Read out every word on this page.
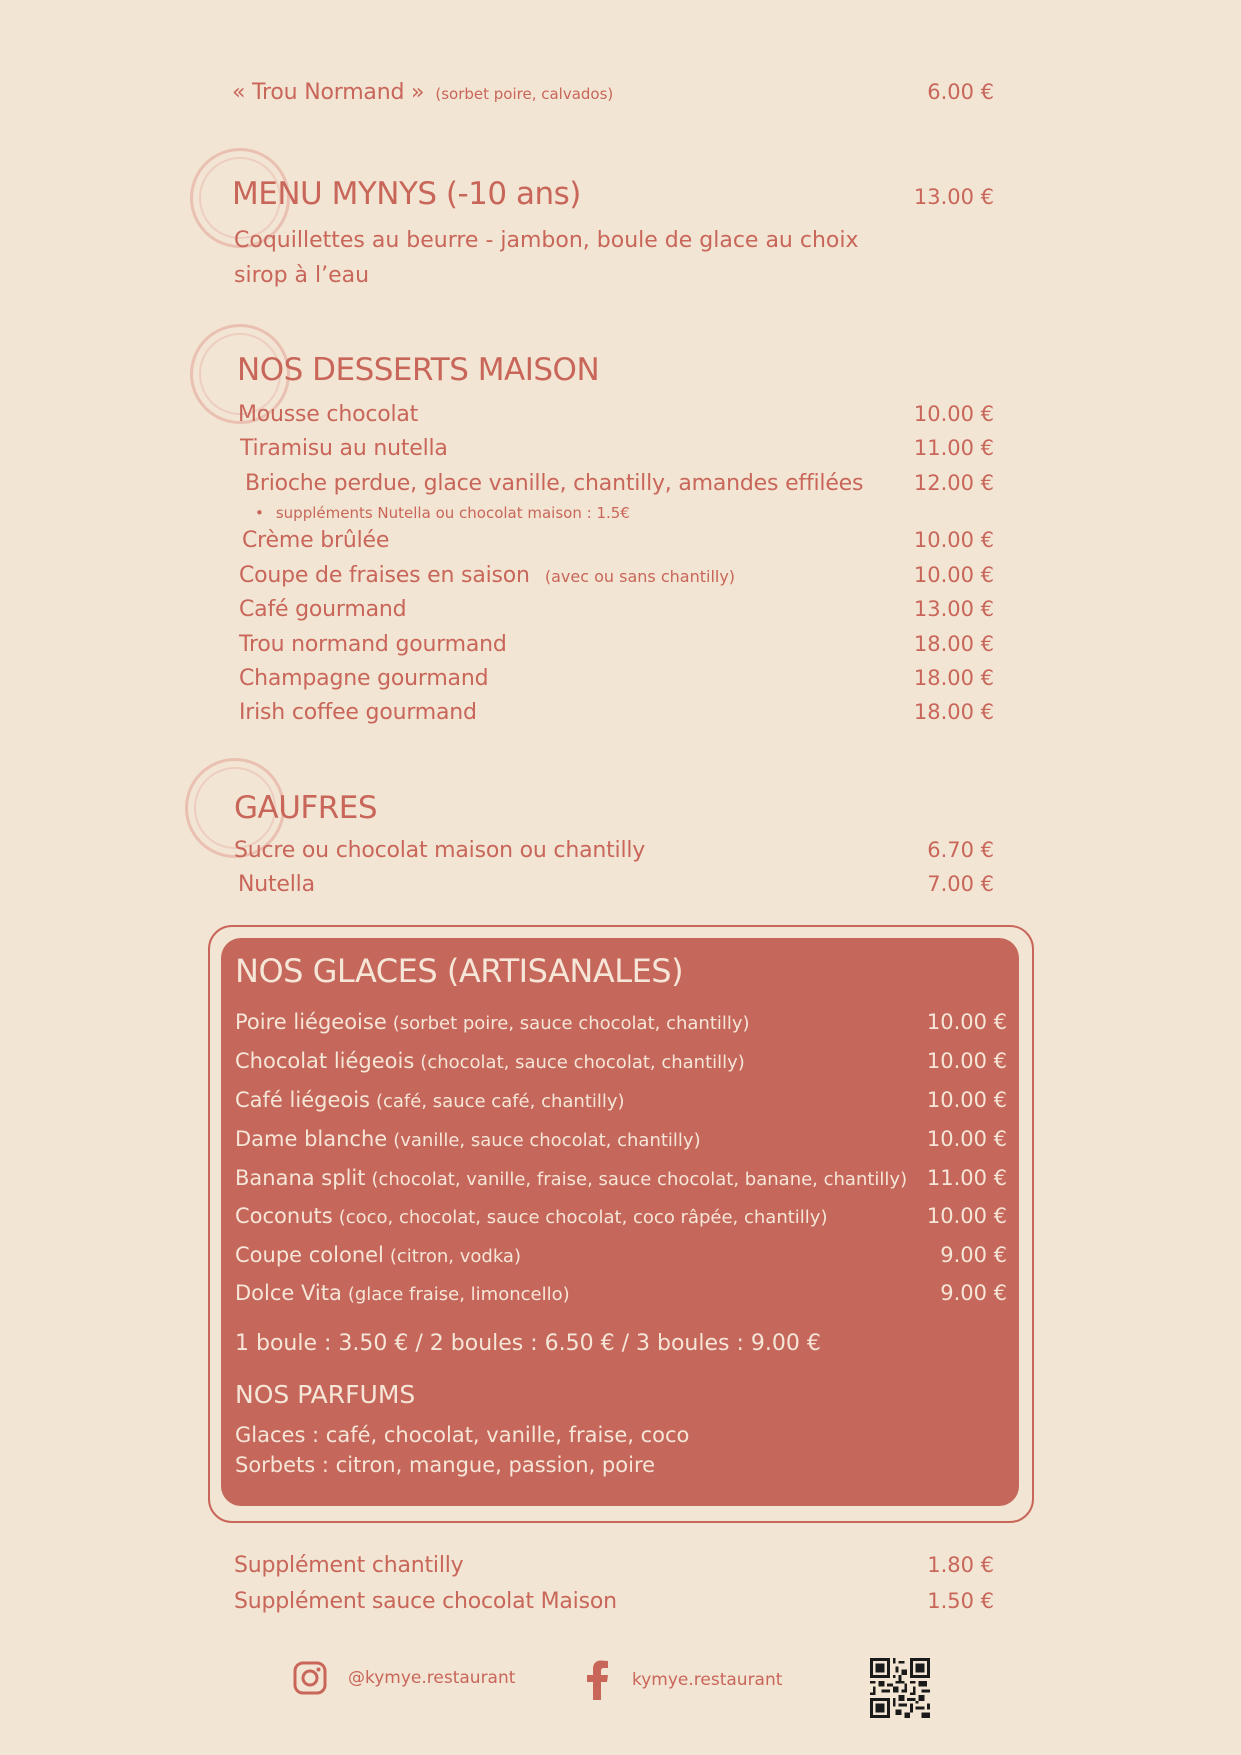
« Trou Normand » (sorbet poire, calvados)	6.00 €
MENU MYNYS (-10 ans)	13.00 €
Coquillettes au beurre - jambon, boule de glace au choix
sirop à l’eau
NOS DESSERTS MAISON
Mousse chocolat	10.00 €
Tiramisu au nutella	11.00 €
Brioche perdue, glace vanille, chantilly, amandes effilées 12.00 €
• suppléments Nutella ou chocolat maison : 1.5€
Crème brûlée	10.00 €
Coupe de fraises en saison (avec ou sans chantilly)	10.00 €
Café gourmand	13.00 €
Trou normand gourmand	18.00 €
Champagne gourmand	18.00 €
Irish coffee gourmand	18.00 €
GAUFRES
Sucre ou chocolat maison ou chantilly	6.70 €
Nutella	7.00 €
NOS GLACES (ARTISANALES)
Poire liégeoise (sorbet poire, sauce chocolat, chantilly)	10.00 €
Chocolat liégeois (chocolat, sauce chocolat, chantilly)	10.00 €
Café liégeois (café, sauce café, chantilly)	10.00 €
Dame blanche (vanille, sauce chocolat, chantilly)	10.00 €
Banana split (chocolat, vanille, fraise, sauce chocolat, banane, chantilly) 11.00 €
Coconuts (coco, chocolat, sauce chocolat, coco râpée, chantilly)	10.00 €
Coupe colonel (citron, vodka)	9.00 €
Dolce Vita (glace fraise, limoncello)	9.00 €
1 boule : 3.50 € / 2 boules : 6.50 € / 3 boules : 9.00 €
NOS PARFUMS
Glaces : café, chocolat, vanille, fraise, coco
Sorbets : citron, mangue, passion, poire
Supplément chantilly	1.80 €
Supplément sauce chocolat Maison	1.50 €
@kymye.restaurant	kymye.restaurant
